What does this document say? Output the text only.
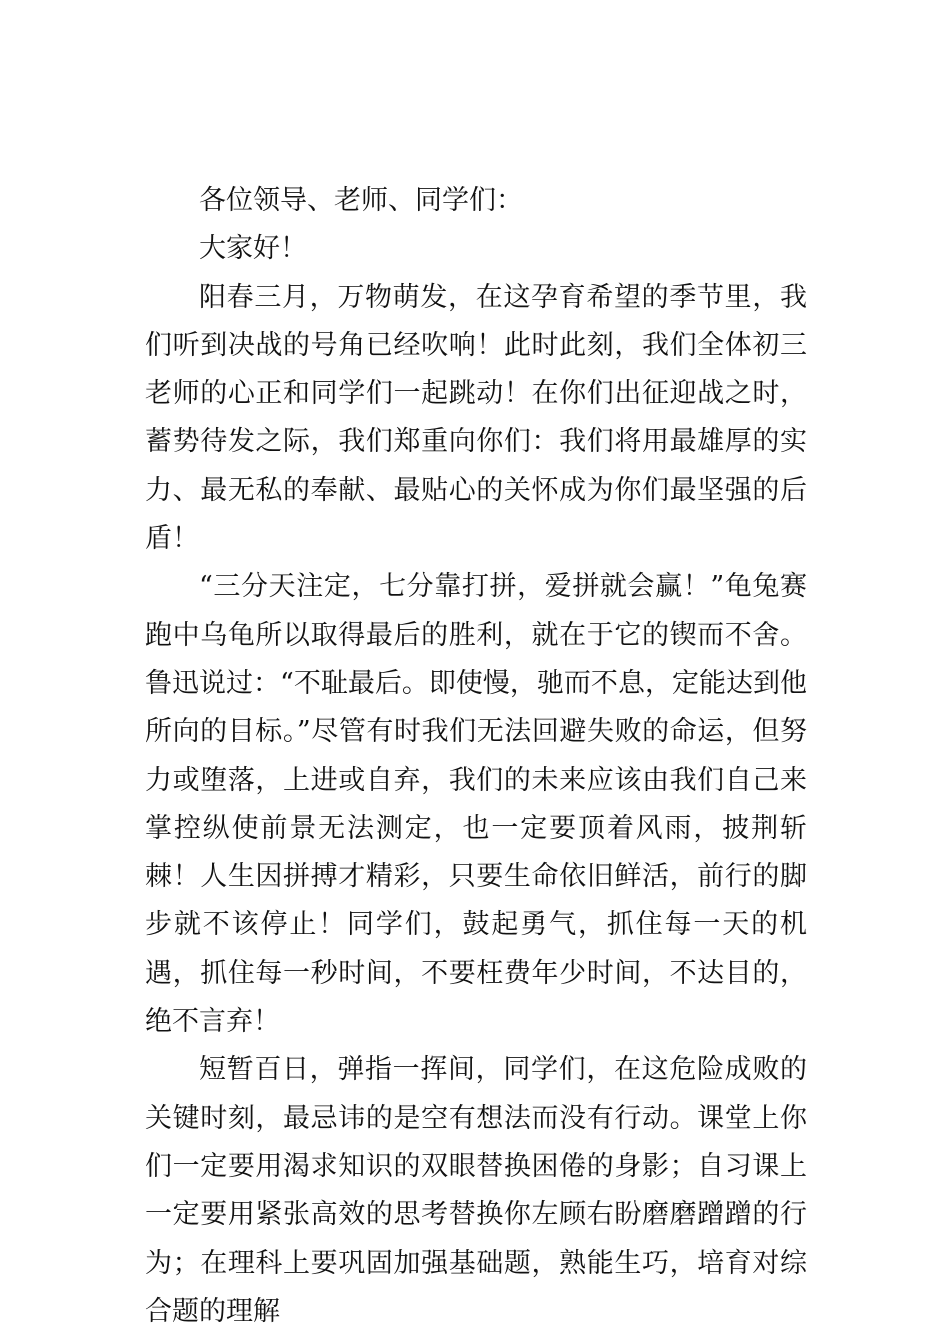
各位领导、老师、同学们：

大家好！

阳春三月，万物萌发，在这孕育希望的季节里，我们听到决战的号角已经吹响！此时此刻，我们全体初三老师的心正和同学们一起跳动！在你们出征迎战之时，蓄势待发之际，我们郑重向你们：我们将用最雄厚的实力、最无私的奉献、最贴心的关怀成为你们最坚强的后盾！

“三分天注定，七分靠打拼，爱拼就会赢！”龟兔赛跑中乌龟所以取得最后的胜利，就在于它的锲而不舍。鲁迅说过：“不耻最后。即使慢，驰而不息，定能达到他所向的目标。”尽管有时我们无法回避失败的命运，但努力或堕落，上进或自弃，我们的未来应该由我们自己来掌控纵使前景无法测定，也一定要顶着风雨，披荆斩棘！人生因拼搏才精彩，只要生命依旧鲜活，前行的脚步就不该停止！同学们，鼓起勇气，抓住每一天的机遇，抓住每一秒时间，不要枉费年少时间，不达目的，绝不言弃！

短暂百日，弹指一挥间，同学们，在这危险成败的关键时刻，最忌讳的是空有想法而没有行动。课堂上你们一定要用渴求知识的双眼替换困倦的身影；自习课上一定要用紧张高效的思考替换你左顾右盼磨磨蹭蹭的行为；在理科上要巩固加强基础题，熟能生巧，培育对综合题的理解
